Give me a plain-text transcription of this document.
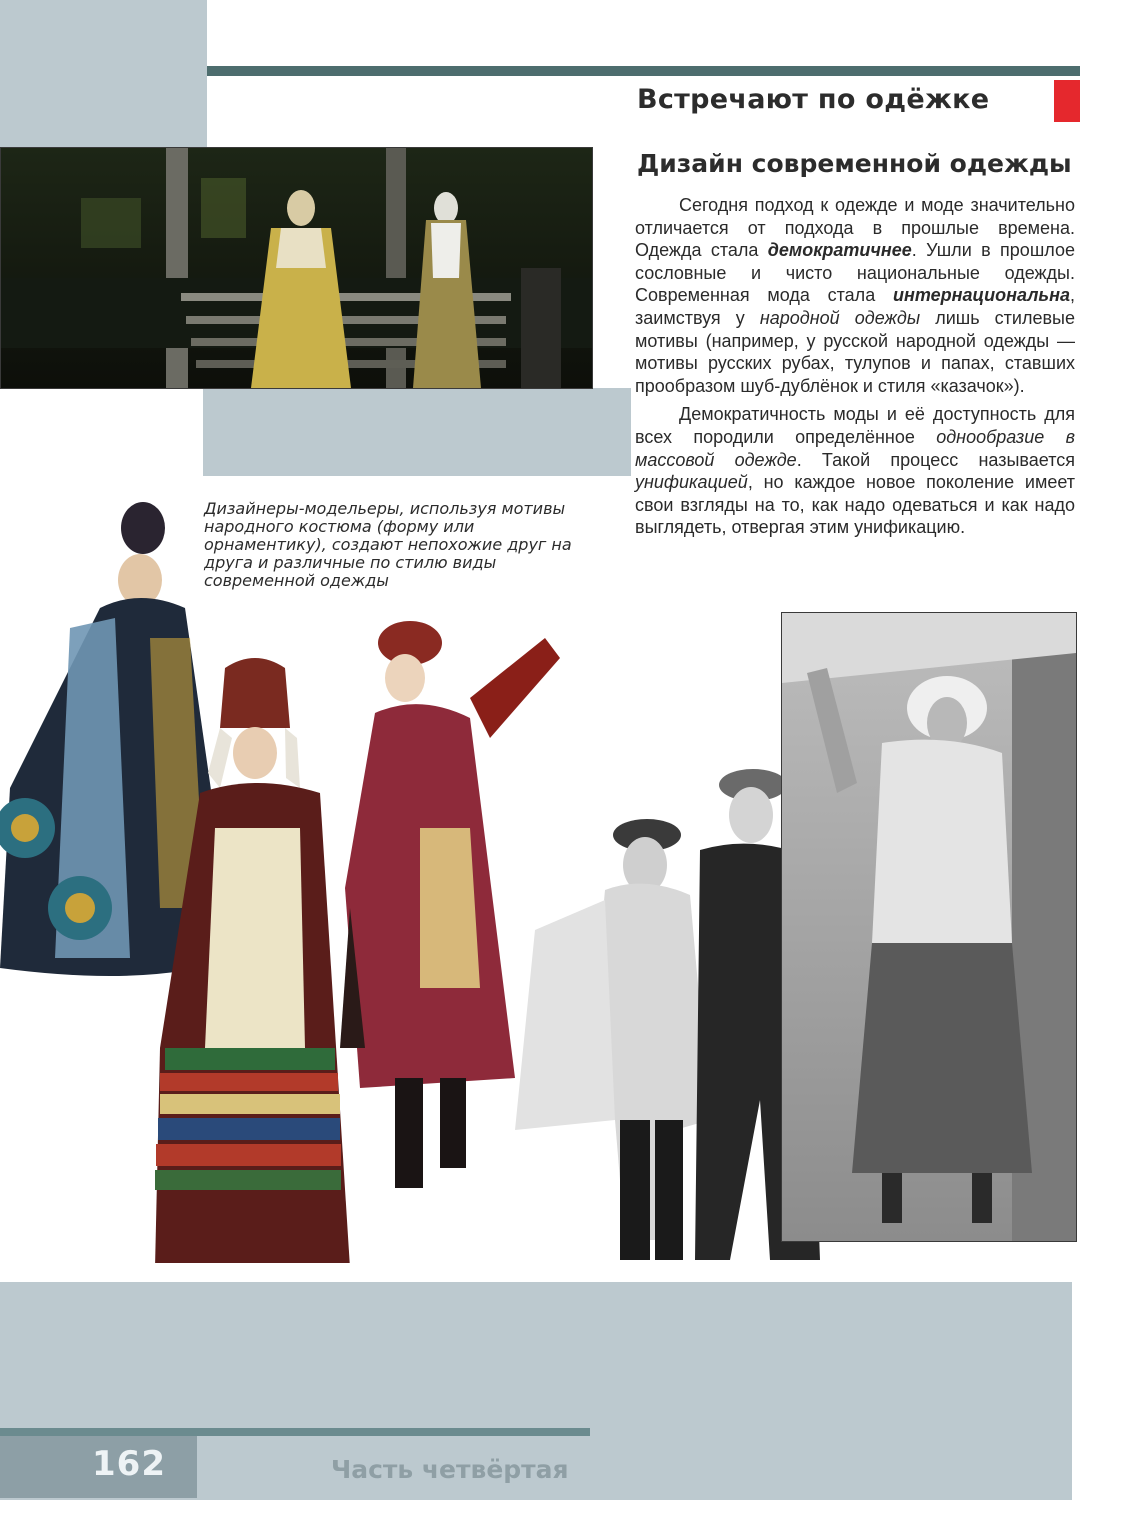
Встречают по одёжке
Дизайн современной одежды

Сегодня подход к одежде и моде значительно отличается от подхода в прошлые времена. Одежда стала демократичнее. Ушли в прошлое сословные и чисто национальные одежды. Современная мода стала интернациональна, заимствуя у народной одежды лишь стилевые мотивы (например, у русской народной одежды — мотивы русских рубах, тулупов и папах, ставших прообразом шуб-дублёнок и стиля «казачок»).

Демократичность моды и её доступность для всех породили определённое однообразие в массовой одежде. Такой процесс называется унификацией, но каждое новое поколение имеет свои взгляды на то, как надо одеваться и как надо выглядеть, отвергая этим унификацию.

Дизайнеры-модельеры, используя мотивы народного костюма (форму или орнаментику), создают непохожие друг на друга и различные по стилю виды современной одежды
162	Часть четвёртая
